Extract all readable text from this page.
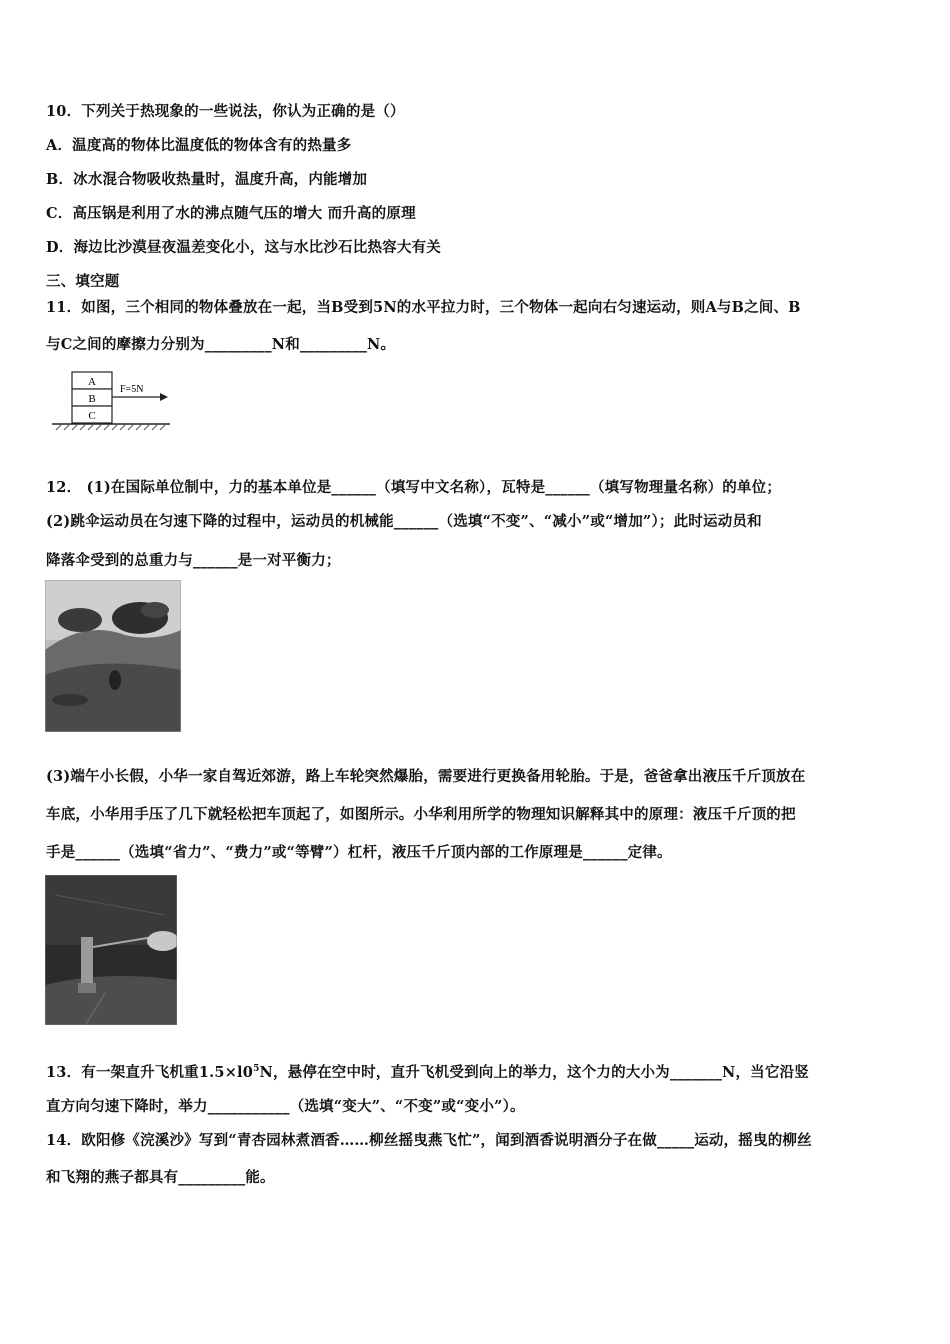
10．下列关于热现象的一些说法，你认为正确的是（）
A．温度高的物体比温度低的物体含有的热量多
B．冰水混合物吸收热量时，温度升高，内能增加
C．高压锅是利用了水的沸点随气压的增大 而升高的原理
D．海边比沙漠昼夜温差变化小，这与水比沙石比热容大有关
三、填空题
11．如图，三个相同的物体叠放在一起，当B受到5N的水平拉力时，三个物体一起向右匀速运动，则A与B之间、B
与C之间的摩擦力分别为_________N和_________N。
A
B
C
F=5N
12． (1)在国际单位制中，力的基本单位是______（填写中文名称），瓦特是______（填写物理量名称）的单位；
(2)跳伞运动员在匀速下降的过程中，运动员的机械能______（选填“不变”、“减小”或“增加”）；此时运动员和
降落伞受到的总重力与______是一对平衡力；
(3)端午小长假，小华一家自驾近郊游，路上车轮突然爆胎，需要进行更换备用轮胎。于是，爸爸拿出液压千斤顶放在
车底，小华用手压了几下就轻松把车顶起了，如图所示。小华利用所学的物理知识解释其中的原理：液压千斤顶的把
手是______（选填“省力”、“费力”或“等臂”）杠杆，液压千斤顶内部的工作原理是______定律。
13．有一架直升飞机重$1.5\times l0^5N$，悬停在空中时，直升飞机受到向上的举力，这个力的大小为_______N，当它沿竖
直方向匀速下降时，举力___________（选填“变大”、“不变”或“变小”）。
14．欧阳修《浣溪沙》写到“青杏园林煮酒香……柳丝摇曳燕飞忙”，闻到酒香说明酒分子在做_____运动，摇曳的柳丝
和飞翔的燕子都具有_________能。
